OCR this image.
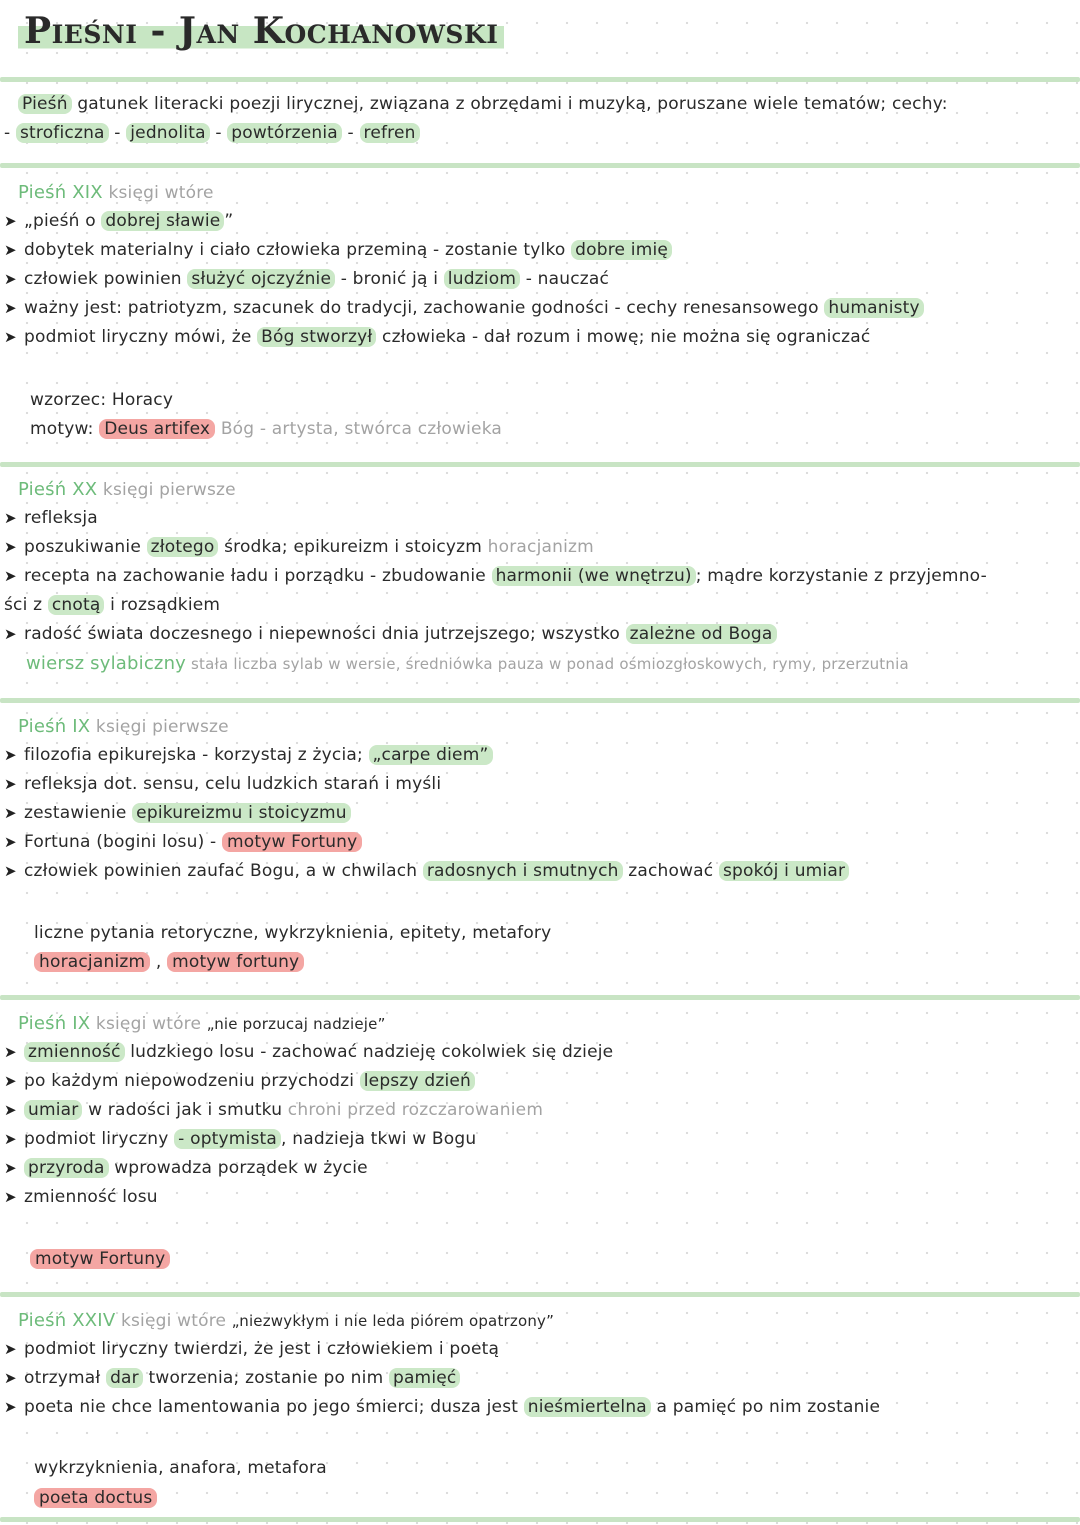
Pieśni - Jan Kochanowski
Pieśń gatunek literacki poezji lirycznej, związana z obrzędami i muzyką, poruszane wiele tematów; cechy:
- stroficzna - jednolita - powtórzenia - refren
Pieśń XIX księgi wtóre
➤ „pieśń o dobrej sławie ”
➤ dobytek materialny i ciało człowieka przeminą - zostanie tylko dobre imię
➤ człowiek powinien służyć ojczyźnie - bronić ją i ludziom - nauczać
➤ ważny jest: patriotyzm, szacunek do tradycji, zachowanie godności - cechy renesansowego humanisty
➤ podmiot liryczny mówi, że Bóg stworzył człowieka - dał rozum i mowę; nie można się ograniczać
wzorzec: Horacy
motyw: Deus artifex Bóg - artysta, stwórca człowieka
Pieśń XX księgi pierwsze
➤ refleksja
➤ poszukiwanie złotego środka; epikureizm i stoicyzm horacjanizm
➤ recepta na zachowanie ładu i porządku - zbudowanie harmonii (we wnętrzu) ; mądre korzystanie z przyjemno-
ści z cnotą i rozsądkiem
➤ radość świata doczesnego i niepewności dnia jutrzejszego; wszystko zależne od Boga
wiersz sylabiczny stała liczba sylab w wersie, średniówka pauza w ponad ośmiozgłoskowych, rymy, przerzutnia
Pieśń IX księgi pierwsze
➤ filozofia epikurejska - korzystaj z życia; „carpe diem”
➤ refleksja dot. sensu, celu ludzkich starań i myśli
➤ zestawienie epikureizmu i stoicyzmu
➤ Fortuna (bogini losu) - motyw Fortuny
➤ człowiek powinien zaufać Bogu, a w chwilach radosnych i smutnych zachować spokój i umiar
liczne pytania retoryczne, wykrzyknienia, epitety, metafory
horacjanizm , motyw fortuny
Pieśń IX księgi wtóre „nie porzucaj nadzieje”
➤ zmienność ludzkiego losu - zachować nadzieję cokolwiek się dzieje
➤ po każdym niepowodzeniu przychodzi lepszy dzień
➤ umiar w radości jak i smutku chroni przed rozczarowaniem
➤ podmiot liryczny - optymista , nadzieja tkwi w Bogu
➤ przyroda wprowadza porządek w życie
➤ zmienność losu
motyw Fortuny
Pieśń XXIV księgi wtóre „niezwykłym i nie leda piórem opatrzony”
➤ podmiot liryczny twierdzi, że jest i człowiekiem i poetą
➤ otrzymał dar tworzenia; zostanie po nim pamięć
➤ poeta nie chce lamentowania po jego śmierci; dusza jest nieśmiertelna a pamięć po nim zostanie
wykrzyknienia, anafora, metafora
poeta doctus
